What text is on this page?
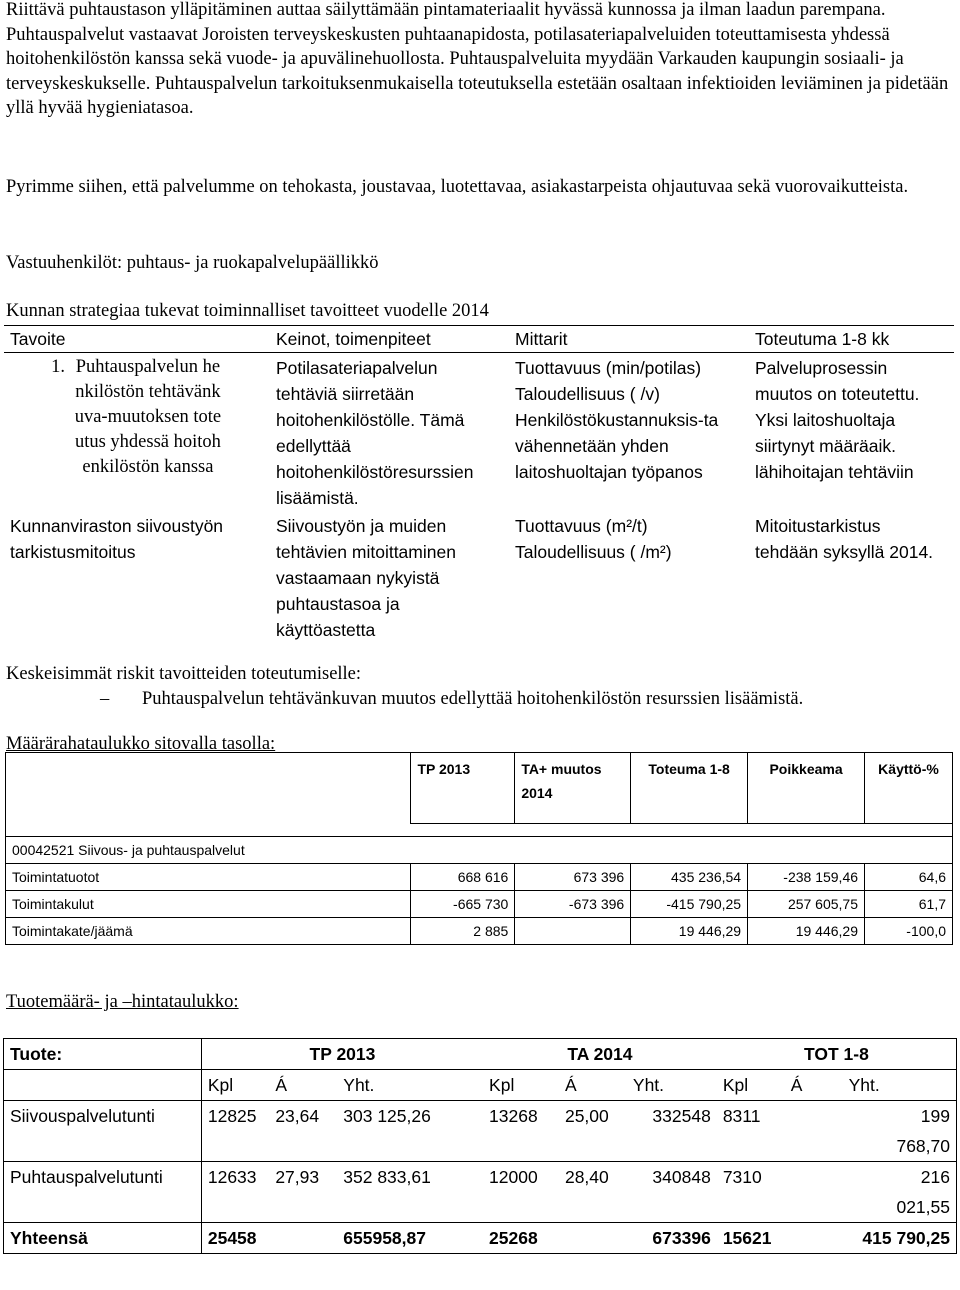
Riittävä puhtaustason ylläpitäminen auttaa säilyttämään pintamateriaalit hyvässä kunnossa ja ilman laadun parempana. Puhtauspalvelut vastaavat Joroisten terveyskeskusten puhtaanapidosta, potilasateriapalveluiden toteuttamisesta yhdessä hoitohenkilöstön kanssa sekä vuode- ja apuvälinehuollosta. Puhtauspalveluita myydään Varkauden kaupungin sosiaali- ja terveyskeskukselle. Puhtauspalvelun tarkoituksenmukaisella toteutuksella estetään osaltaan infektioiden leviäminen ja pidetään yllä hyvää hygieniatasoa.

Pyrimme siihen, että palvelumme on tehokasta, joustavaa, luotettavaa, asiakastarpeista ohjautuvaa sekä vuorovaikutteista.

Vastuuhenkilöt: puhtaus- ja ruokapalvelupäällikkö

Kunnan strategiaa tukevat toiminnalliset tavoitteet vuodelle 2014

Tavoite	Keinot, toimenpiteet	Mittarit	Toteutuma 1-8 kk

1. Puhtauspalvelun henkilöstön tehtävänkuva-muutoksen toteutus yhdessä hoitohenkilöstön kanssa	Potilasateriapalvelun tehtäviä siirretään hoitohenkilöstölle. Tämä edellyttää hoitohenkilöstöresurssien lisäämistä.	Tuottavuus (min/potilas) Taloudellisuus ( /v) Henkilöstökustannuksis-ta vähennetään yhden laitoshuoltajan työpanos	Palveluprosessin muutos on toteutettu. Yksi laitoshuoltaja siirtynyt määräaik. lähihoitajan tehtäviin
Kunnanviraston siivoustyön tarkistusmitoitus	Siivoustyön ja muiden tehtävien mitoittaminen vastaamaan nykyistä puhtaustasoa ja käyttöastetta	Tuottavuus (m²/t) Taloudellisuus ( /m²)	Mitoitustarkistus tehdään syksyllä 2014.

Keskeisimmät riskit tavoitteiden toteutumiselle:

– Puhtauspalvelun tehtävänkuvan muutos edellyttää hoitohenkilöstön resurssien lisäämistä.

Määrärahataulukko sitovalla tasolla:

	TP 2013	TA+ muutos 2014	Toteuma 1-8	Poikkeama	Käyttö-%

00042521 Siivous- ja puhtauspalvelut					
Toimintatuotot	668 616	673 396	435 236,54	-238 159,46	64,6
Toimintakulut	-665 730	-673 396	-415 790,25	257 605,75	61,7
Toimintakate/jäämä	2 885		19 446,29	19 446,29	-100,0

Tuotemäärä- ja –hintataulukko:

Tuote:	TP 2013			TA 2014			TOT 1-8		
	Kpl	Á	Yht.	Kpl	Á	Yht.	Kpl	Á	Yht.
Siivouspalvelutunti	12825	23,64	303 125,26	13268	25,00	332548	8311		199 768,70
Puhtauspalvelutunti	12633	27,93	352 833,61	12000	28,40	340848	7310		216 021,55
Yhteensä	25458		655958,87	25268		673396	15621		415 790,25
